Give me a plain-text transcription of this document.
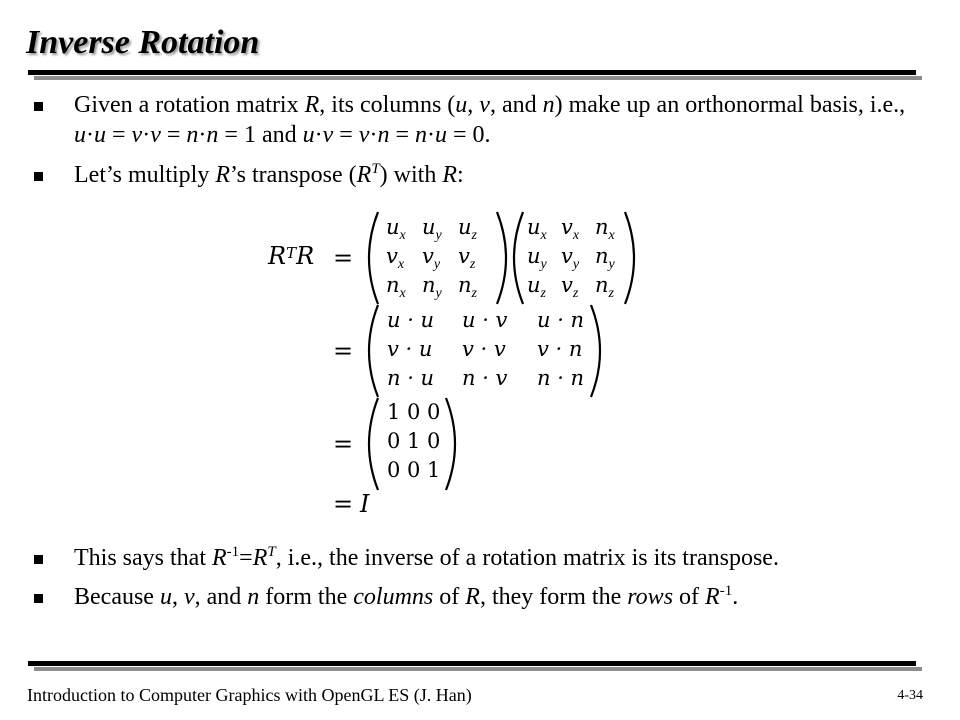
Inverse Rotation
Given a rotation matrix R, its columns (u, v, and n) make up an orthonormal basis, i.e., u·u = v·v = n·n = 1 and u·v = v·n = n·u = 0.
Let’s multiply R’s transpose $(R^T)$ with R:
$R^TR$ =
=
=
= I
ux uy uz
vx vy vz
nx ny nz
ux vx nx
uy vy ny
uz vz nz
u · u u · v u · n
v · u v · v v · n
n · u n · v n · n
1 0 0
0 1 0
0 0 1
This says that $R^{-1}=R^T$, i.e., the inverse of a rotation matrix is its transpose.
Because u, v, and n form the columns of R, they form the rows of $R^{-1}$.
Introduction to Computer Graphics with OpenGL ES (J. Han)	4-34
